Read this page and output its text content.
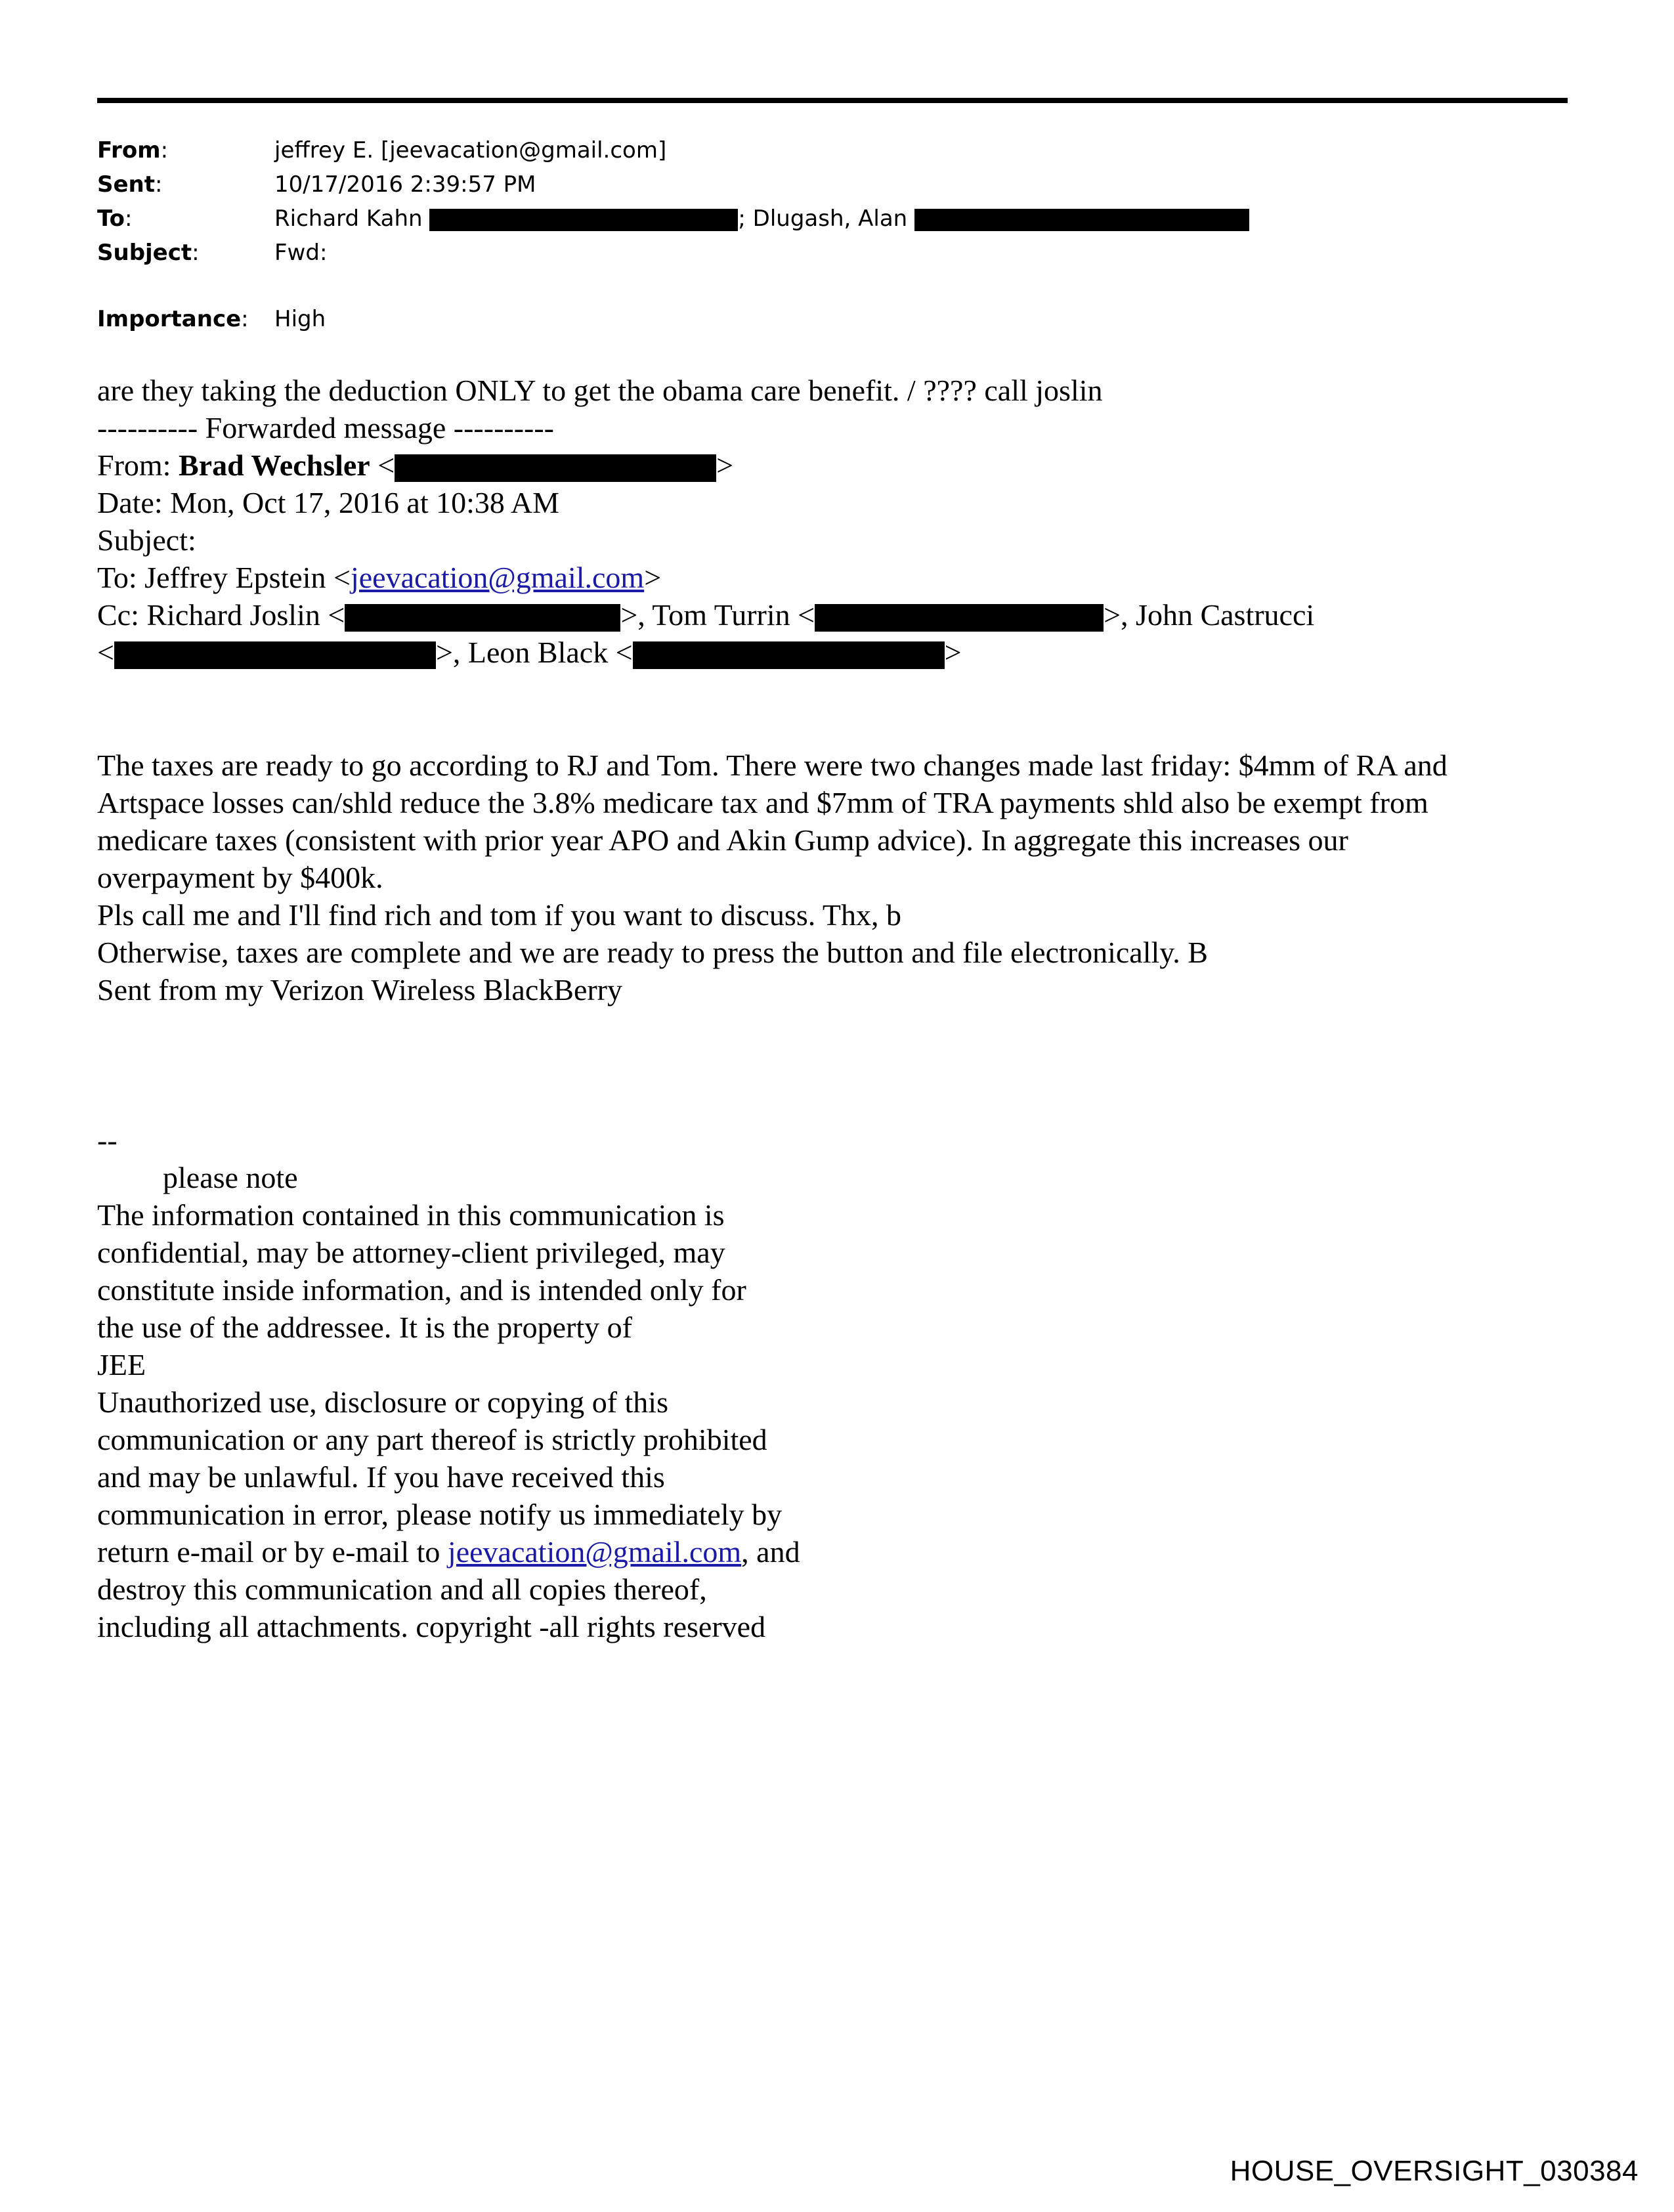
From:	jeffrey E. [jeevacation@gmail.com]
Sent:	10/17/2016 2:39:57 PM
To:	Richard Kahn	; Dlugash, Alan
Subject:	Fwd:
Importance: High
are they taking the deduction ONLY to get the obama care benefit. / ???? call joslin
---------- Forwarded message ----------
From: Brad Wechsler <	>
Date: Mon, Oct 17, 2016 at 10:38 AM
Subject:
To: Jeffrey Epstein <jeevacation@gmail.com>
Cc: Richard Joslin <	>, Tom Turrin <	>, John Castrucci
<	>, Leon Black <	>
The taxes are ready to go according to RJ and Tom. There were two changes made last friday: $4mm of RA and
Artspace losses can/shld reduce the 3.8% medicare tax and $7mm of TRA payments shld also be exempt from
medicare taxes (consistent with prior year APO and Akin Gump advice). In aggregate this increases our
overpayment by $400k.
Pls call me and I'll find rich and tom if you want to discuss. Thx, b
Otherwise, taxes are complete and we are ready to press the button and file electronically. B
Sent from my Verizon Wireless BlackBerry
--
please note
The information contained in this communication is
confidential, may be attorney-client privileged, may
constitute inside information, and is intended only for
the use of the addressee. It is the property of
JEE
Unauthorized use, disclosure or copying of this
communication or any part thereof is strictly prohibited
and may be unlawful. If you have received this
communication in error, please notify us immediately by
return e-mail or by e-mail to jeevacation@gmail.com, and
destroy this communication and all copies thereof,
including all attachments. copyright -all rights reserved
HOUSE_OVERSIGHT_030384
